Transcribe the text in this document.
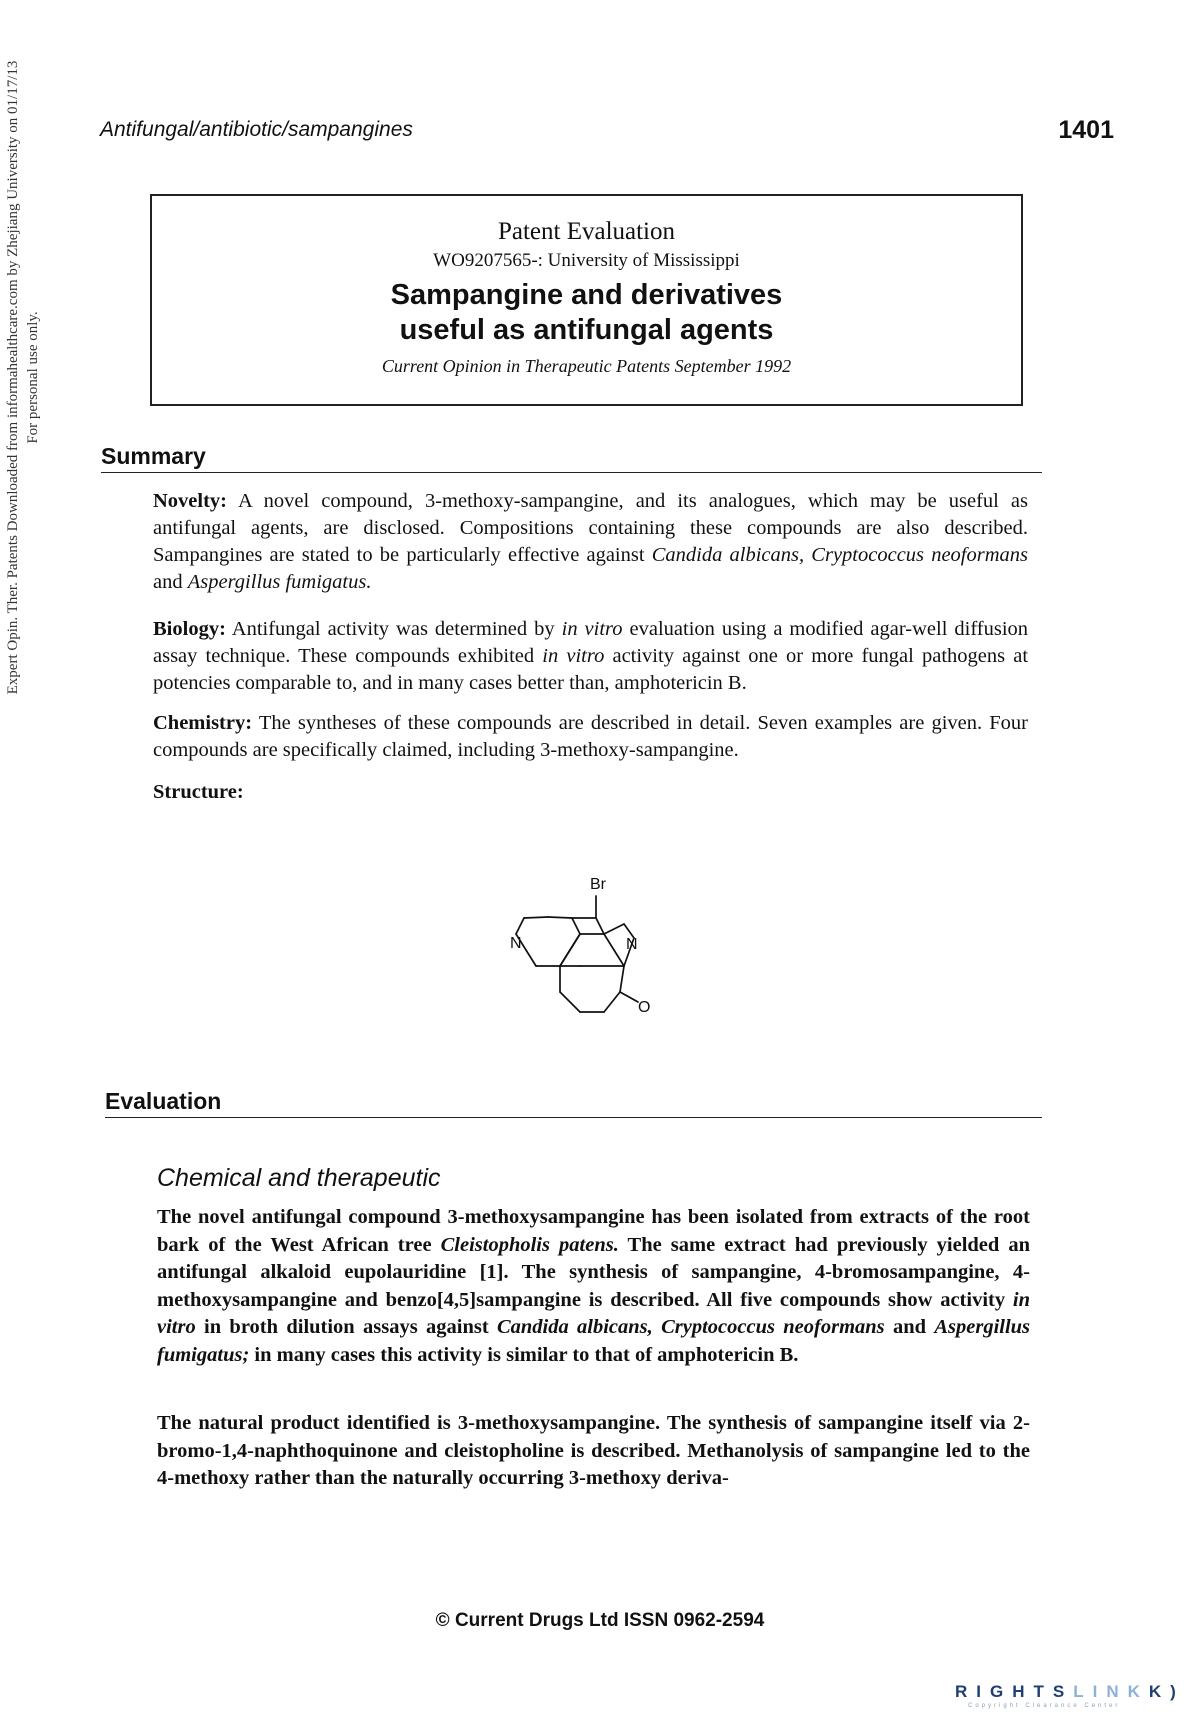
Antifungal/antibiotic/sampangines	1401
Expert Opin. Ther. Patents Downloaded from informahealthcare.com by Zhejiang University on 01/17/13 For personal use only.
Patent Evaluation
WO9207565-: University of Mississippi
Sampangine and derivatives
useful as antifungal agents
Current Opinion in Therapeutic Patents September 1992
Summary
Novelty: A novel compound, 3-methoxy-sampangine, and its analogues, which may be useful as antifungal agents, are disclosed. Compositions containing these compounds are also described. Sampangines are stated to be particularly effective against Candida albicans, Cryptococcus neoformans and Aspergillus fumigatus.
Biology: Antifungal activity was determined by in vitro evaluation using a modified agar-well diffusion assay technique. These compounds exhibited in vitro activity against one or more fungal pathogens at potencies comparable to, and in many cases better than, amphotericin B.
Chemistry: The syntheses of these compounds are described in detail. Seven examples are given. Four compounds are specifically claimed, including 3-methoxy-sampangine.
Structure:
Br
N	N
O
Evaluation
Chemical and therapeutic
The novel antifungal compound 3-methoxysampangine has been isolated from extracts of the root bark of the West African tree Cleistopholis patens. The same extract had previously yielded an antifungal alkaloid eupolauridine [1]. The synthesis of sampangine, 4-bromosampangine, 4-methoxysampangine and benzo[4,5]sampangine is described. All five compounds show activity in vitro in broth dilution assays against Candida albicans, Cryptococcus neoformans and Aspergillus fumigatus; in many cases this activity is similar to that of amphotericin B.
The natural product identified is 3-methoxysampangine. The synthesis of sampangine itself via 2-bromo-1,4-naphthoquinone and cleistopholine is described. Methanolysis of sampangine led to the 4-methoxy rather than the naturally occurring 3-methoxy deriva-
© Current Drugs Ltd ISSN 0962-2594
RIGHTSLINKK)
Copyright Clearance Center
